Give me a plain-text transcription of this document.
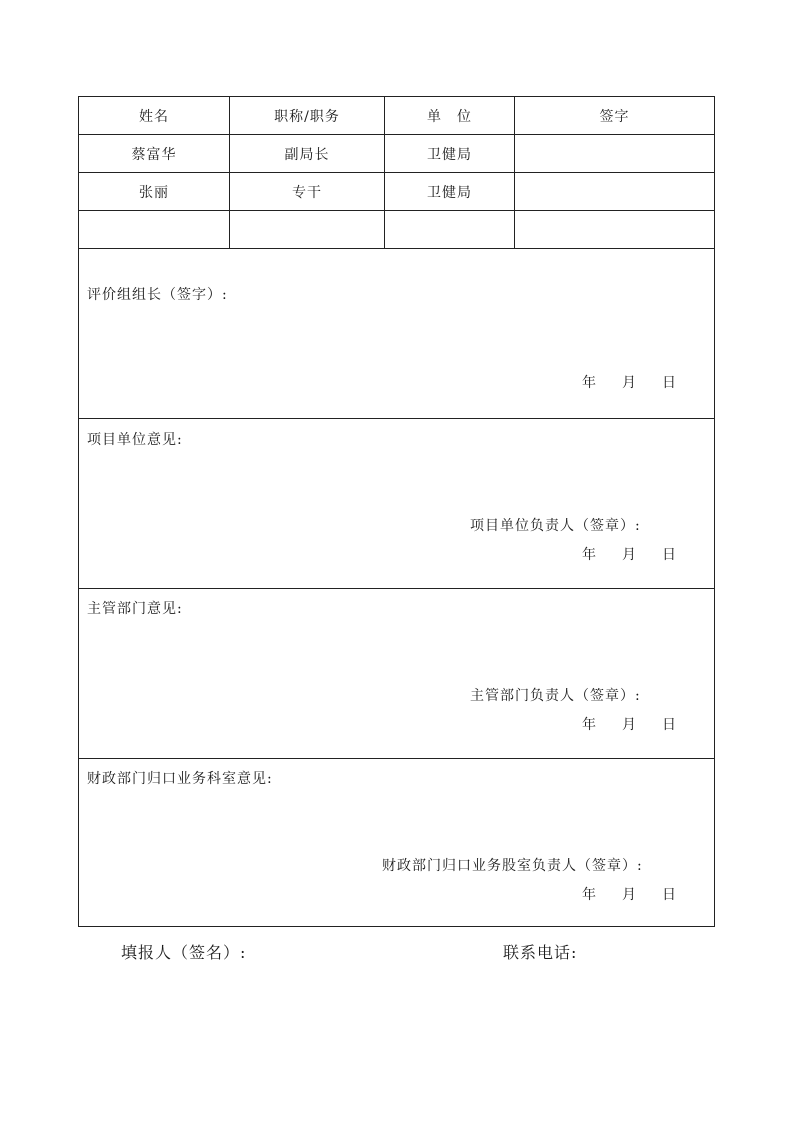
姓名	职称/职务	单　位	签字
蔡富华	副局长	卫健局
张丽	专干	卫健局
评价组组长（签字）:
年 月 日
项目单位意见:
项目单位负责人（签章）:
年 月 日
主管部门意见:
主管部门负责人（签章）:
年 月 日
财政部门归口业务科室意见:
财政部门归口业务股室负责人（签章）:
年 月 日
填报人（签名）:	联系电话:
